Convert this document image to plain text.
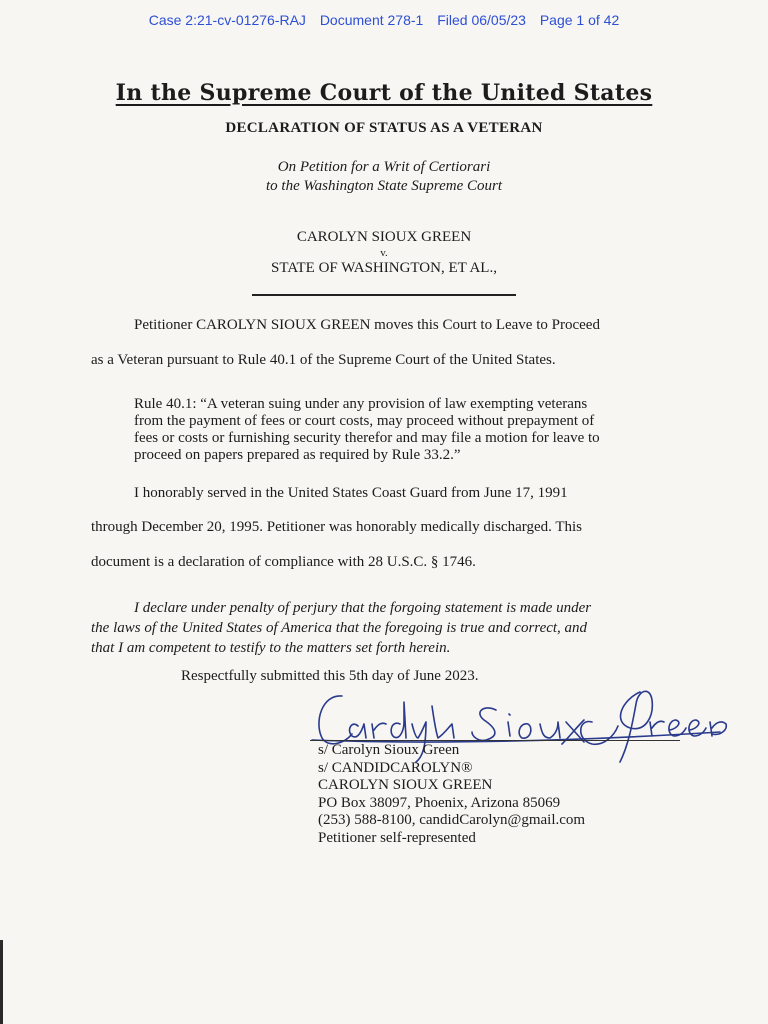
Case 2:21-cv-01276-RAJ Document 278-1 Filed 06/05/23 Page 1 of 42
In the Supreme Court of the United States
DECLARATION OF STATUS AS A VETERAN
On Petition for a Writ of Certiorari
to the Washington State Supreme Court
CAROLYN SIOUX GREEN
v.
STATE OF WASHINGTON, ET AL.,
Petitioner CAROLYN SIOUX GREEN moves this Court to Leave to Proceed
as a Veteran pursuant to Rule 40.1 of the Supreme Court of the United States.
Rule 40.1: “A veteran suing under any provision of law exempting veterans
from the payment of fees or court costs, may proceed without prepayment of
fees or costs or furnishing security therefor and may file a motion for leave to
proceed on papers prepared as required by Rule 33.2.”
I honorably served in the United States Coast Guard from June 17, 1991
through December 20, 1995. Petitioner was honorably medically discharged. This
document is a declaration of compliance with 28 U.S.C. § 1746.
I declare under penalty of perjury that the forgoing statement is made under
the laws of the United States of America that the foregoing is true and correct, and
that I am competent to testify to the matters set forth herein.
Respectfully submitted this 5th day of June 2023.
s/ Carolyn Sioux Green
s/ CANDIDCAROLYN®
CAROLYN SIOUX GREEN
PO Box 38097, Phoenix, Arizona 85069
(253) 588-8100, candidCarolyn@gmail.com
Petitioner self-represented
